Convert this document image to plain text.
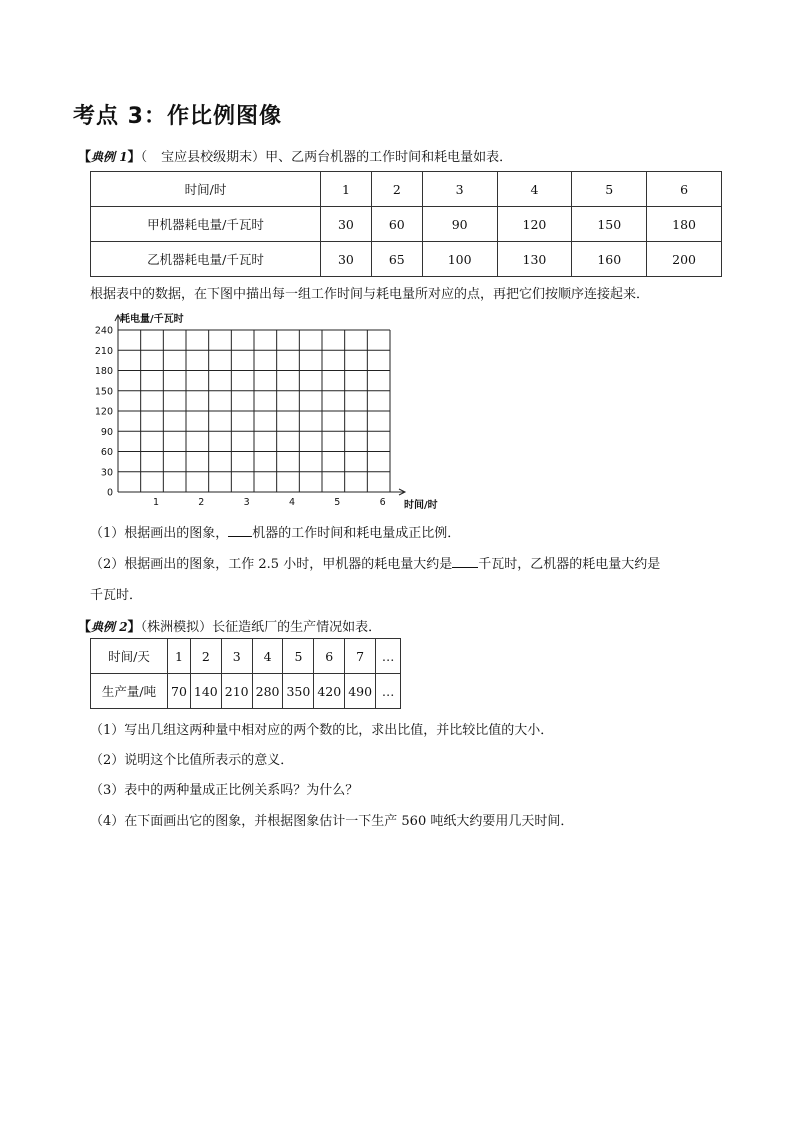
考点 3：作比例图像
【典例 1】（ 宝应县校级期末）甲、乙两台机器的工作时间和耗电量如表．
时间/时	1	2	3	4	5	6
甲机器耗电量/千瓦时	30	60	90	120	150	180
乙机器耗电量/千瓦时	30	65	100	130	160	200
根据表中的数据，在下图中描出每一组工作时间与耗电量所对应的点，再把它们按顺序连接起来．
0
30
60
90
120
150
180
210
240
1	2	3	4	5	6
耗电量/千瓦时
时间/时
（1）根据画出的图象， 机器的工作时间和耗电量成正比例．
（2）根据画出的图象，工作 2.5 小时，甲机器的耗电量大约是 千瓦时，乙机器的耗电量大约是
千瓦时．
【典例 2】（株洲模拟）长征造纸厂的生产情况如表．
时间/天	1	2	3	4	5	6	7	…
生产量/吨	70	140	210	280	350	420	490	…
（1）写出几组这两种量中相对应的两个数的比，求出比值，并比较比值的大小．
（2）说明这个比值所表示的意义．
（3）表中的两种量成正比例关系吗？为什么？
（4）在下面画出它的图象，并根据图象估计一下生产 560 吨纸大约要用几天时间．
